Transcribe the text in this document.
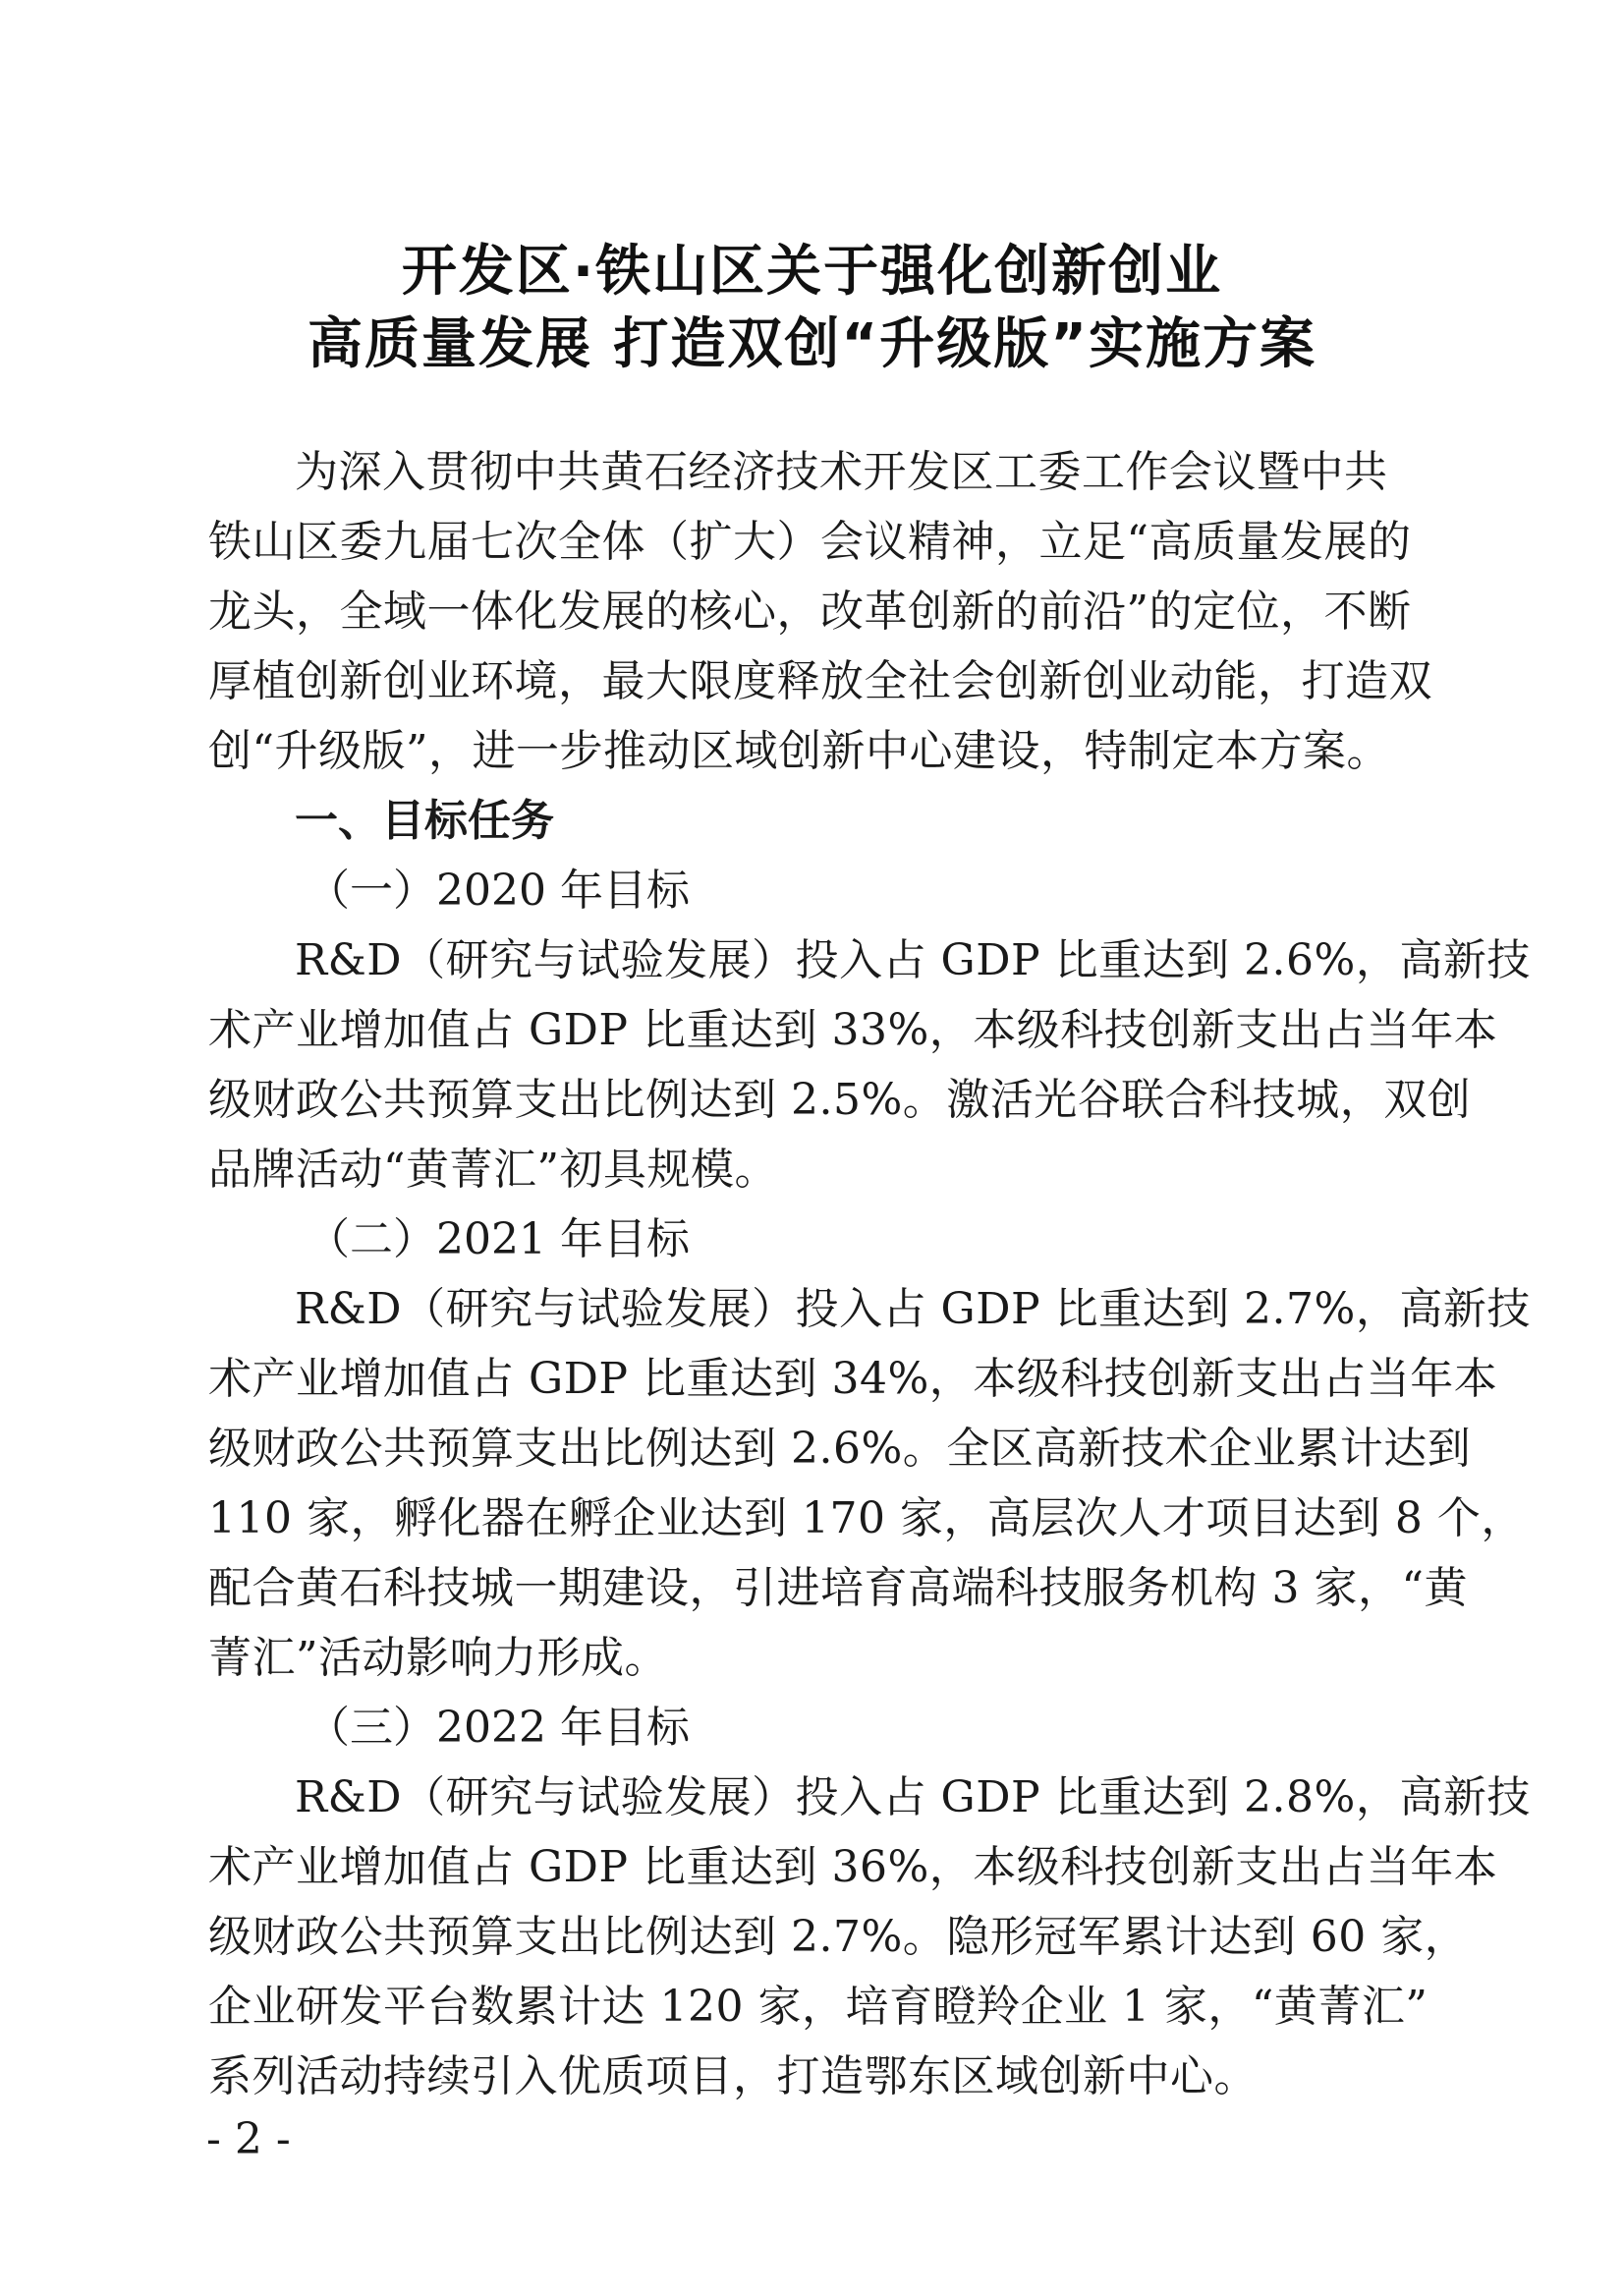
开发区·铁山区关于强化创新创业
高质量发展 打造双创“升级版”实施方案
为深入贯彻中共黄石经济技术开发区工委工作会议暨中共
铁山区委九届七次全体（扩大）会议精神，立足“高质量发展的
龙头，全域一体化发展的核心，改革创新的前沿”的定位，不断
厚植创新创业环境，最大限度释放全社会创新创业动能，打造双
创“升级版”，进一步推动区域创新中心建设，特制定本方案。
一、目标任务
（一）2020 年目标
R&D（研究与试验发展）投入占 GDP 比重达到 2.6%，高新技
术产业增加值占 GDP 比重达到 33%，本级科技创新支出占当年本
级财政公共预算支出比例达到 2.5%。激活光谷联合科技城，双创
品牌活动“黄菁汇”初具规模。
（二）2021 年目标
R&D（研究与试验发展）投入占 GDP 比重达到 2.7%，高新技
术产业增加值占 GDP 比重达到 34%，本级科技创新支出占当年本
级财政公共预算支出比例达到 2.6%。全区高新技术企业累计达到
110 家，孵化器在孵企业达到 170 家，高层次人才项目达到 8 个，
配合黄石科技城一期建设，引进培育高端科技服务机构 3 家，“黄
菁汇”活动影响力形成。
（三）2022 年目标
R&D（研究与试验发展）投入占 GDP 比重达到 2.8%，高新技
术产业增加值占 GDP 比重达到 36%，本级科技创新支出占当年本
级财政公共预算支出比例达到 2.7%。隐形冠军累计达到 60 家，
企业研发平台数累计达 120 家，培育瞪羚企业 1 家，“黄菁汇”
系列活动持续引入优质项目，打造鄂东区域创新中心。
- 2 -
